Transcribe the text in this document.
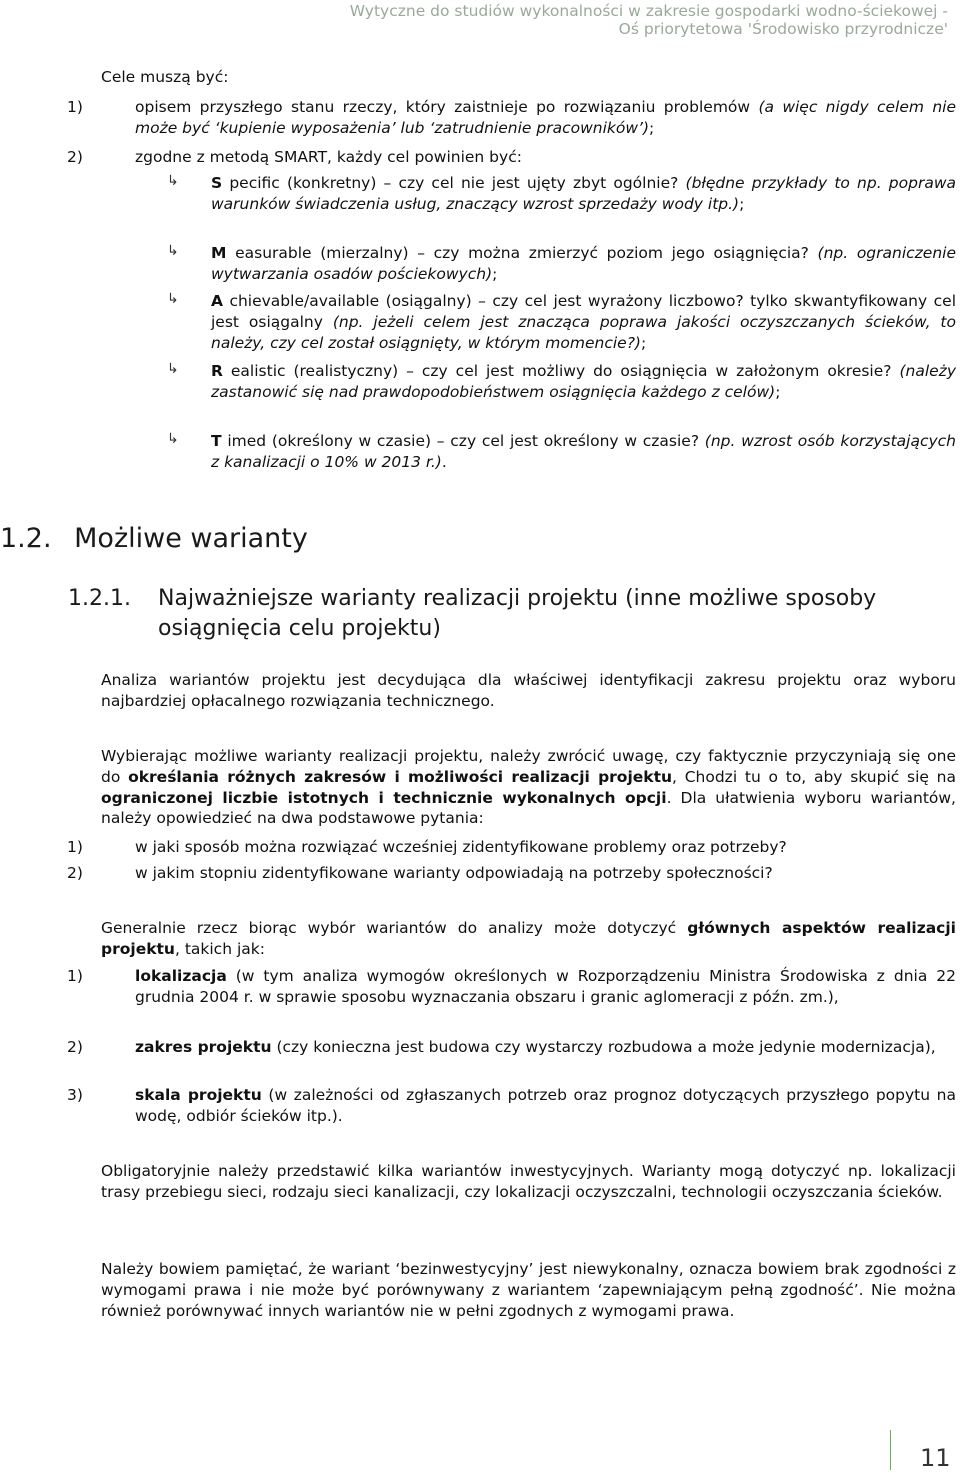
Wytyczne do studiów wykonalności w zakresie gospodarki wodno-ściekowej -
Oś priorytetowa 'Środowisko przyrodnicze'
Cele muszą być:
1)	opisem przyszłego stanu rzeczy, który zaistnieje po rozwiązaniu problemów (a więc nigdy celem nie może być ‘kupienie wyposażenia’ lub ‘zatrudnienie pracowników’);
2)	zgodne z metodą SMART, każdy cel powinien być:
↳ S pecific (konkretny) – czy cel nie jest ujęty zbyt ogólnie? (błędne przykłady to np. poprawa warunków świadczenia usług, znaczący wzrost sprzedaży wody itp.);
↳ M easurable (mierzalny) – czy można zmierzyć poziom jego osiągnięcia? (np. ograniczenie wytwarzania osadów pościekowych);
↳ A chievable/available (osiągalny) – czy cel jest wyrażony liczbowo? tylko skwantyfikowany cel jest osiągalny (np. jeżeli celem jest znacząca poprawa jakości oczyszczanych ścieków, to należy, czy cel został osiągnięty, w którym momencie?);
↳ R ealistic (realistyczny) – czy cel jest możliwy do osiągnięcia w założonym okresie? (należy zastanowić się nad prawdopodobieństwem osiągnięcia każdego z celów);
↳ T imed (określony w czasie) – czy cel jest określony w czasie? (np. wzrost osób korzystających z kanalizacji o 10% w 2013 r.).
1.2. Możliwe warianty
1.2.1. Najważniejsze warianty realizacji projektu (inne możliwe sposoby osiągnięcia celu projektu)
Analiza wariantów projektu jest decydująca dla właściwej identyfikacji zakresu projektu oraz wyboru najbardziej opłacalnego rozwiązania technicznego.
Wybierając możliwe warianty realizacji projektu, należy zwrócić uwagę, czy faktycznie przyczyniają się one do określania różnych zakresów i możliwości realizacji projektu, Chodzi tu o to, aby skupić się na ograniczonej liczbie istotnych i technicznie wykonalnych opcji. Dla ułatwienia wyboru wariantów, należy opowiedzieć na dwa podstawowe pytania:
1)	w jaki sposób można rozwiązać wcześniej zidentyfikowane problemy oraz potrzeby?
2)	w jakim stopniu zidentyfikowane warianty odpowiadają na potrzeby społeczności?
Generalnie rzecz biorąc wybór wariantów do analizy może dotyczyć głównych aspektów realizacji projektu, takich jak:
1)	lokalizacja (w tym analiza wymogów określonych w Rozporządzeniu Ministra Środowiska z dnia 22 grudnia 2004 r. w sprawie sposobu wyznaczania obszaru i granic aglomeracji z późn. zm.),
2)	zakres projektu (czy konieczna jest budowa czy wystarczy rozbudowa a może jedynie modernizacja),
3)	skala projektu (w zależności od zgłaszanych potrzeb oraz prognoz dotyczących przyszłego popytu na wodę, odbiór ścieków itp.).
Obligatoryjnie należy przedstawić kilka wariantów inwestycyjnych. Warianty mogą dotyczyć np. lokalizacji trasy przebiegu sieci, rodzaju sieci kanalizacji, czy lokalizacji oczyszczalni, technologii oczyszczania ścieków.
Należy bowiem pamiętać, że wariant ‘bezinwestycyjny’ jest niewykonalny, oznacza bowiem brak zgodności z wymogami prawa i nie może być porównywany z wariantem ‘zapewniającym pełną zgodność’. Nie można również porównywać innych wariantów nie w pełni zgodnych z wymogami prawa.
11
